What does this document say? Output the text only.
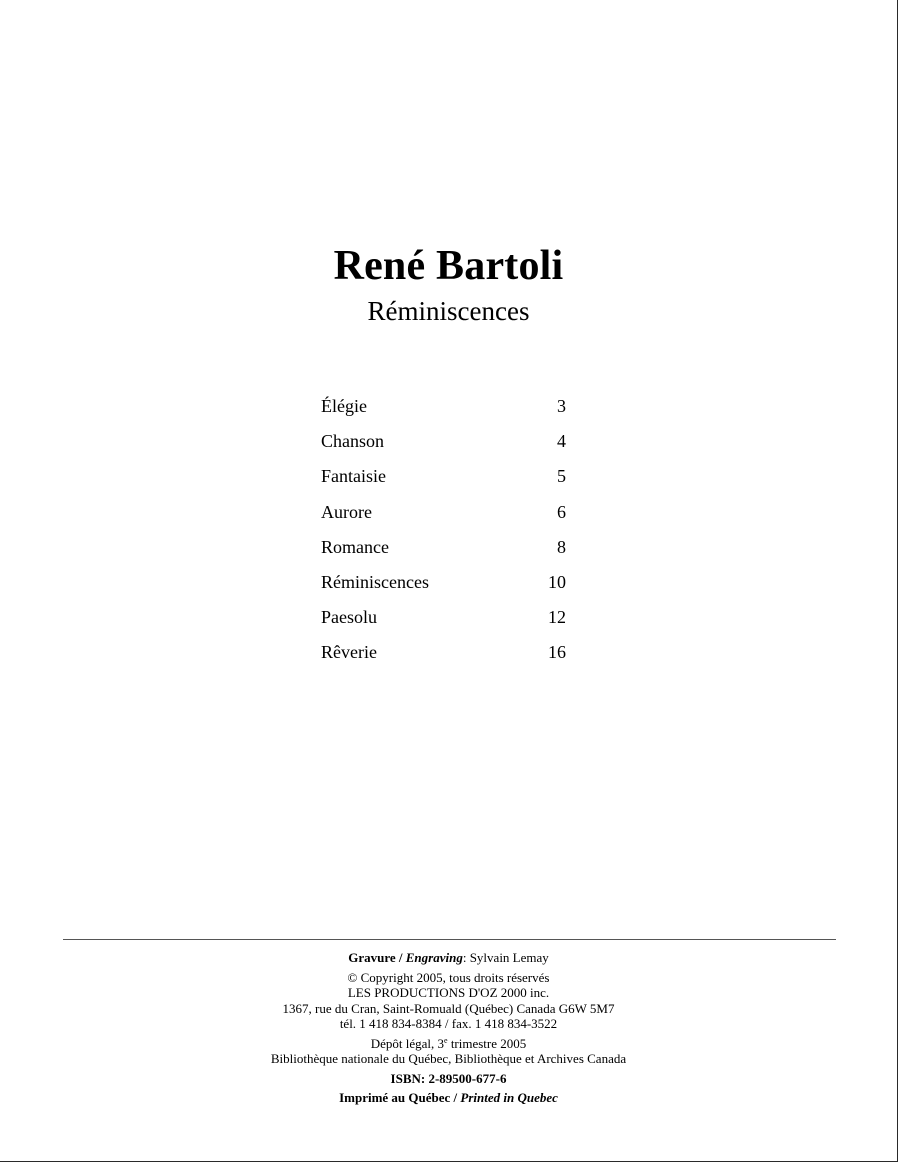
René Bartoli
Réminiscences
Élégie	3
Chanson	4
Fantaisie	5
Aurore	6
Romance	8
Réminiscences	10
Paesolu	12
Rêverie	16
Gravure / Engraving: Sylvain Lemay
© Copyright 2005, tous droits réservés
LES PRODUCTIONS D'OZ 2000 inc.
1367, rue du Cran, Saint-Romuald (Québec) Canada G6W 5M7
tél. 1 418 834-8384 / fax. 1 418 834-3522
Dépôt légal, 3e trimestre 2005
Bibliothèque nationale du Québec, Bibliothèque et Archives Canada
ISBN: 2-89500-677-6
Imprimé au Québec / Printed in Quebec
